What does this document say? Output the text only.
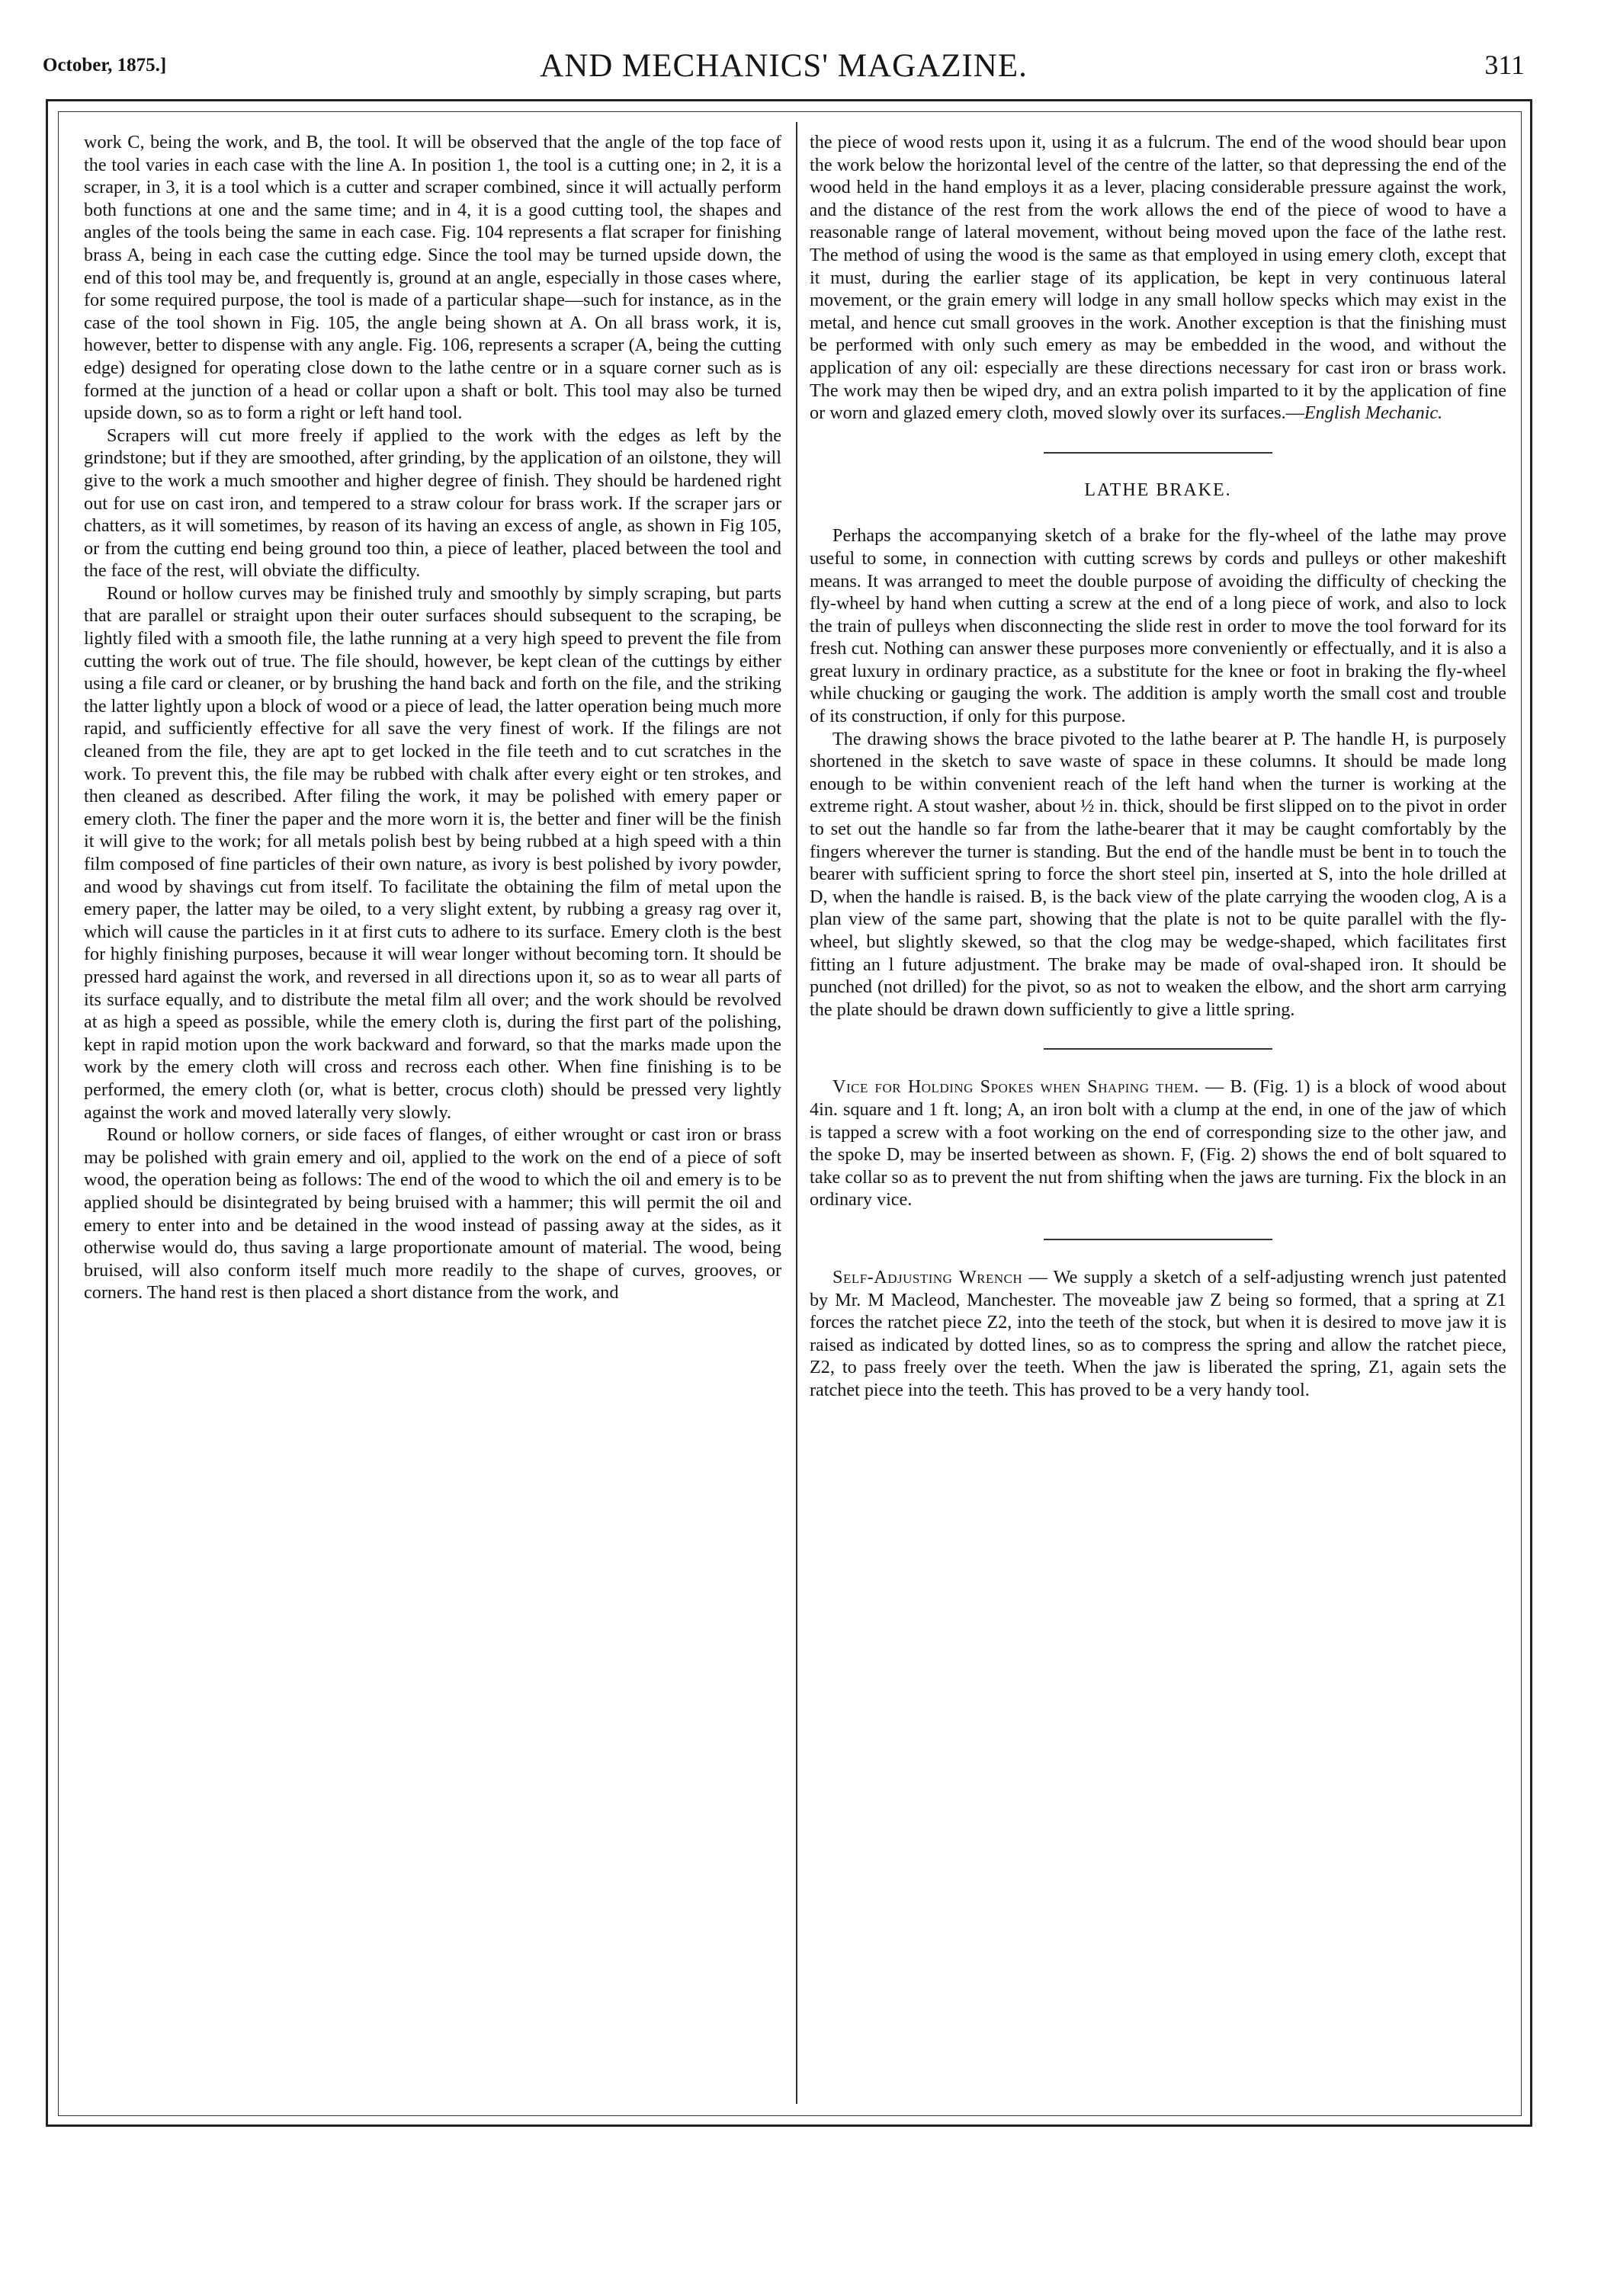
October, 1875.]	AND MECHANICS' MAGAZINE.	311

work C, being the work, and B, the tool. It will be observed that the angle of the top face of the tool varies in each case with the line A. In position 1, the tool is a cutting one; in 2, it is a scraper, in 3, it is a tool which is a cutter and scraper combined, since it will actually perform both functions at one and the same time; and in 4, it is a good cutting tool, the shapes and angles of the tools being the same in each case. Fig. 104 represents a flat scraper for finishing brass A, being in each case the cutting edge. Since the tool may be turned upside down, the end of this tool may be, and frequently is, ground at an angle, especially in those cases where, for some required purpose, the tool is made of a particular shape—such for instance, as in the case of the tool shown in Fig. 105, the angle being shown at A. On all brass work, it is, however, better to dispense with any angle. Fig. 106, represents a scraper (A, being the cutting edge) designed for operating close down to the lathe centre or in a square corner such as is formed at the junction of a head or collar upon a shaft or bolt. This tool may also be turned upside down, so as to form a right or left hand tool.

Scrapers will cut more freely if applied to the work with the edges as left by the grindstone; but if they are smoothed, after grinding, by the application of an oilstone, they will give to the work a much smoother and higher degree of finish. They should be hardened right out for use on cast iron, and tempered to a straw colour for brass work. If the scraper jars or chatters, as it will sometimes, by reason of its having an excess of angle, as shown in Fig 105, or from the cutting end being ground too thin, a piece of leather, placed between the tool and the face of the rest, will obviate the difficulty.

Round or hollow curves may be finished truly and smoothly by simply scraping, but parts that are parallel or straight upon their outer surfaces should subsequent to the scraping, be lightly filed with a smooth file, the lathe running at a very high speed to prevent the file from cutting the work out of true. The file should, however, be kept clean of the cuttings by either using a file card or cleaner, or by brushing the hand back and forth on the file, and the striking the latter lightly upon a block of wood or a piece of lead, the latter operation being much more rapid, and sufficiently effective for all save the very finest of work. If the filings are not cleaned from the file, they are apt to get locked in the file teeth and to cut scratches in the work. To prevent this, the file may be rubbed with chalk after every eight or ten strokes, and then cleaned as described. After filing the work, it may be polished with emery paper or emery cloth. The finer the paper and the more worn it is, the better and finer will be the finish it will give to the work; for all metals polish best by being rubbed at a high speed with a thin film composed of fine particles of their own nature, as ivory is best polished by ivory powder, and wood by shavings cut from itself. To facilitate the obtaining the film of metal upon the emery paper, the latter may be oiled, to a very slight extent, by rubbing a greasy rag over it, which will cause the particles in it at first cuts to adhere to its surface. Emery cloth is the best for highly finishing purposes, because it will wear longer without becoming torn. It should be pressed hard against the work, and reversed in all directions upon it, so as to wear all parts of its surface equally, and to distribute the metal film all over; and the work should be revolved at as high a speed as possible, while the emery cloth is, during the first part of the polishing, kept in rapid motion upon the work backward and forward, so that the marks made upon the work by the emery cloth will cross and recross each other. When fine finishing is to be performed, the emery cloth (or, what is better, crocus cloth) should be pressed very lightly against the work and moved laterally very slowly.

Round or hollow corners, or side faces of flanges, of either wrought or cast iron or brass may be polished with grain emery and oil, applied to the work on the end of a piece of soft wood, the operation being as follows: The end of the wood to which the oil and emery is to be applied should be disintegrated by being bruised with a hammer; this will permit the oil and emery to enter into and be detained in the wood instead of passing away at the sides, as it otherwise would do, thus saving a large proportionate amount of material. The wood, being bruised, will also conform itself much more readily to the shape of curves, grooves, or corners. The hand rest is then placed a short distance from the work, and

the piece of wood rests upon it, using it as a fulcrum. The end of the wood should bear upon the work below the horizontal level of the centre of the latter, so that depressing the end of the wood held in the hand employs it as a lever, placing considerable pressure against the work, and the distance of the rest from the work allows the end of the piece of wood to have a reasonable range of lateral movement, without being moved upon the face of the lathe rest. The method of using the wood is the same as that employed in using emery cloth, except that it must, during the earlier stage of its application, be kept in very continuous lateral movement, or the grain emery will lodge in any small hollow specks which may exist in the metal, and hence cut small grooves in the work. Another exception is that the finishing must be performed with only such emery as may be embedded in the wood, and without the application of any oil: especially are these directions necessary for cast iron or brass work. The work may then be wiped dry, and an extra polish imparted to it by the application of fine or worn and glazed emery cloth, moved slowly over its surfaces.—English Mechanic.

LATHE BRAKE.

Perhaps the accompanying sketch of a brake for the fly-wheel of the lathe may prove useful to some, in connection with cutting screws by cords and pulleys or other makeshift means. It was arranged to meet the double purpose of avoiding the difficulty of checking the fly-wheel by hand when cutting a screw at the end of a long piece of work, and also to lock the train of pulleys when disconnecting the slide rest in order to move the tool forward for its fresh cut. Nothing can answer these purposes more conveniently or effectually, and it is also a great luxury in ordinary practice, as a substitute for the knee or foot in braking the fly-wheel while chucking or gauging the work. The addition is amply worth the small cost and trouble of its construction, if only for this purpose.

The drawing shows the brace pivoted to the lathe bearer at P. The handle H, is purposely shortened in the sketch to save waste of space in these columns. It should be made long enough to be within convenient reach of the left hand when the turner is working at the extreme right. A stout washer, about ½ in. thick, should be first slipped on to the pivot in order to set out the handle so far from the lathe-bearer that it may be caught comfortably by the fingers wherever the turner is standing. But the end of the handle must be bent in to touch the bearer with sufficient spring to force the short steel pin, inserted at S, into the hole drilled at D, when the handle is raised. B, is the back view of the plate carrying the wooden clog, A is a plan view of the same part, showing that the plate is not to be quite parallel with the fly-wheel, but slightly skewed, so that the clog may be wedge-shaped, which facilitates first fitting an l future adjustment. The brake may be made of oval-shaped iron. It should be punched (not drilled) for the pivot, so as not to weaken the elbow, and the short arm carrying the plate should be drawn down sufficiently to give a little spring.

Vice for Holding Spokes when Shaping them. — B. (Fig. 1) is a block of wood about 4in. square and 1 ft. long; A, an iron bolt with a clump at the end, in one of the jaw of which is tapped a screw with a foot working on the end of corresponding size to the other jaw, and the spoke D, may be inserted between as shown. F, (Fig. 2) shows the end of bolt squared to take collar so as to prevent the nut from shifting when the jaws are turning. Fix the block in an ordinary vice.

Self-Adjusting Wrench — We supply a sketch of a self-adjusting wrench just patented by Mr. M Macleod, Manchester. The moveable jaw Z being so formed, that a spring at Z1 forces the ratchet piece Z2, into the teeth of the stock, but when it is desired to move jaw it is raised as indicated by dotted lines, so as to compress the spring and allow the ratchet piece, Z2, to pass freely over the teeth. When the jaw is liberated the spring, Z1, again sets the ratchet piece into the teeth. This has proved to be a very handy tool.
